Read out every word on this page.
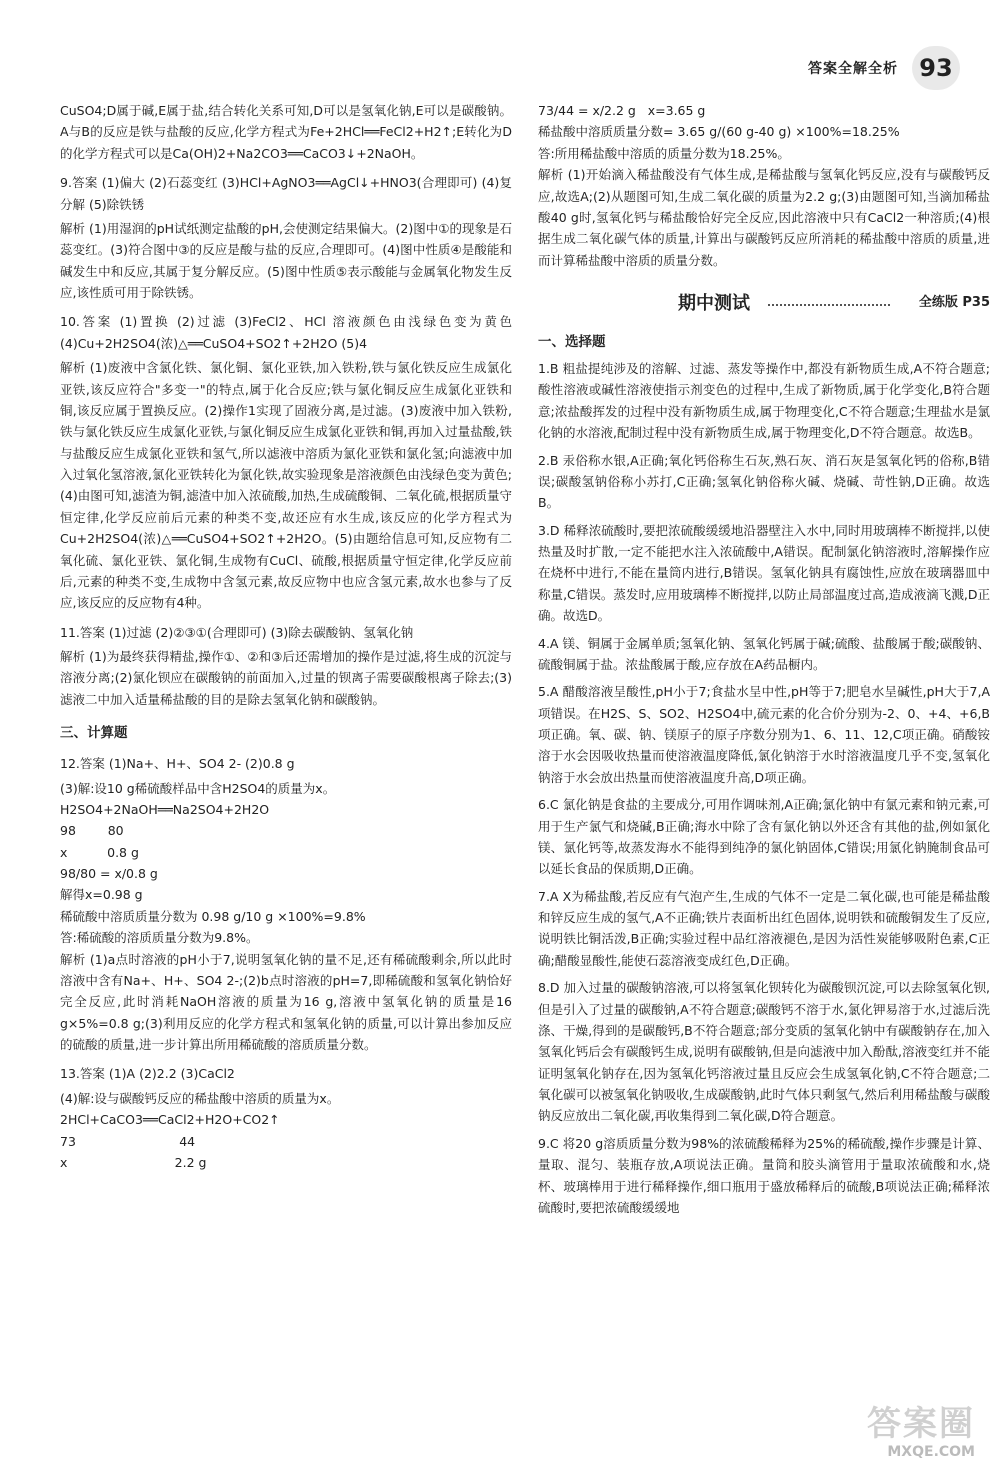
答案全解全析 93

CuSO4;D属于碱,E属于盐,结合转化关系可知,D可以是氢氧化钠,E可以是碳酸钠。A与B的反应是铁与盐酸的反应,化学方程式为Fe+2HCl══FeCl2+H2↑;E转化为D的化学方程式可以是Ca(OH)2+Na2CO3══CaCO3↓+2NaOH。

9.答案 (1)偏大 (2)石蕊变红 (3)HCl+AgNO3══AgCl↓+HNO3(合理即可) (4)复分解 (5)除铁锈

解析 (1)用湿润的pH试纸测定盐酸的pH,会使测定结果偏大。(2)图中①的现象是石蕊变红。(3)符合图中③的反应是酸与盐的反应,合理即可。(4)图中性质④是酸能和碱发生中和反应,其属于复分解反应。(5)图中性质⑤表示酸能与金属氧化物发生反应,该性质可用于除铁锈。

10.答案 (1)置换 (2)过滤 (3)FeCl2、HCl 溶液颜色由浅绿色变为黄色 (4)Cu+2H2SO4(浓)△══CuSO4+SO2↑+2H2O (5)4

解析 (1)废液中含氯化铁、氯化铜、氯化亚铁,加入铁粉,铁与氯化铁反应生成氯化亚铁,该反应符合"多变一"的特点,属于化合反应;铁与氯化铜反应生成氯化亚铁和铜,该反应属于置换反应。(2)操作1实现了固液分离,是过滤。(3)废液中加入铁粉,铁与氯化铁反应生成氯化亚铁,与氯化铜反应生成氯化亚铁和铜,再加入过量盐酸,铁与盐酸反应生成氯化亚铁和氢气,所以滤液中溶质为氯化亚铁和氯化氢;向滤液中加入过氧化氢溶液,氯化亚铁转化为氯化铁,故实验现象是溶液颜色由浅绿色变为黄色;(4)由图可知,滤渣为铜,滤渣中加入浓硫酸,加热,生成硫酸铜、二氧化硫,根据质量守恒定律,化学反应前后元素的种类不变,故还应有水生成,该反应的化学方程式为Cu+2H2SO4(浓)△══CuSO4+SO2↑+2H2O。(5)由题给信息可知,反应物有二氧化硫、氯化亚铁、氯化铜,生成物有CuCl、硫酸,根据质量守恒定律,化学反应前后,元素的种类不变,生成物中含氢元素,故反应物中也应含氢元素,故水也参与了反应,该反应的反应物有4种。

11.答案 (1)过滤 (2)②③①(合理即可) (3)除去碳酸钠、氢氧化钠

解析 (1)为最终获得精盐,操作①、②和③后还需增加的操作是过滤,将生成的沉淀与溶液分离;(2)氯化钡应在碳酸钠的前面加入,过量的钡离子需要碳酸根离子除去;(3)滤液二中加入适量稀盐酸的目的是除去氢氧化钠和碳酸钠。

三、计算题

12.答案 (1)Na+、H+、SO4 2- (2)0.8 g

(3)解:设10 g稀硫酸样品中含H2SO4的质量为x。

H2SO4+2NaOH══Na2SO4+2H2O

98        80

x          0.8 g

98/80 = x/0.8 g

解得x=0.98 g

稀硫酸中溶质质量分数为 0.98 g/10 g ×100%=9.8%

答:稀硫酸的溶质质量分数为9.8%。

解析 (1)a点时溶液的pH小于7,说明氢氧化钠的量不足,还有稀硫酸剩余,所以此时溶液中含有Na+、H+、SO4 2-;(2)b点时溶液的pH=7,即稀硫酸和氢氧化钠恰好完全反应,此时消耗NaOH溶液的质量为16 g,溶液中氢氧化钠的质量是16 g×5%=0.8 g;(3)利用反应的化学方程式和氢氧化钠的质量,可以计算出参加反应的硫酸的质量,进一步计算出所用稀硫酸的溶质质量分数。

13.答案 (1)A (2)2.2 (3)CaCl2

(4)解:设与碳酸钙反应的稀盐酸中溶质的质量为x。

2HCl+CaCO3══CaCl2+H2O+CO2↑

73                          44

x                           2.2 g

73/44 = x/2.2 g   x=3.65 g

稀盐酸中溶质质量分数= 3.65 g/(60 g-40 g) ×100%=18.25%

答:所用稀盐酸中溶质的质量分数为18.25%。

解析 (1)开始滴入稀盐酸没有气体生成,是稀盐酸与氢氧化钙反应,没有与碳酸钙反应,故选A;(2)从题图可知,生成二氧化碳的质量为2.2 g;(3)由题图可知,当滴加稀盐酸40 g时,氢氧化钙与稀盐酸恰好完全反应,因此溶液中只有CaCl2一种溶质;(4)根据生成二氧化碳气体的质量,计算出与碳酸钙反应所消耗的稀盐酸中溶质的质量,进而计算稀盐酸中溶质的质量分数。

期中测试	全练版 P35
一、选择题

1.B 粗盐提纯涉及的溶解、过滤、蒸发等操作中,都没有新物质生成,A不符合题意;酸性溶液或碱性溶液使指示剂变色的过程中,生成了新物质,属于化学变化,B符合题意;浓盐酸挥发的过程中没有新物质生成,属于物理变化,C不符合题意;生理盐水是氯化钠的水溶液,配制过程中没有新物质生成,属于物理变化,D不符合题意。故选B。

2.B 汞俗称水银,A正确;氧化钙俗称生石灰,熟石灰、消石灰是氢氧化钙的俗称,B错误;碳酸氢钠俗称小苏打,C正确;氢氧化钠俗称火碱、烧碱、苛性钠,D正确。故选B。

3.D 稀释浓硫酸时,要把浓硫酸缓缓地沿器壁注入水中,同时用玻璃棒不断搅拌,以使热量及时扩散,一定不能把水注入浓硫酸中,A错误。配制氯化钠溶液时,溶解操作应在烧杯中进行,不能在量筒内进行,B错误。氢氧化钠具有腐蚀性,应放在玻璃器皿中称量,C错误。蒸发时,应用玻璃棒不断搅拌,以防止局部温度过高,造成液滴飞溅,D正确。故选D。

4.A 镁、铜属于金属单质;氢氧化钠、氢氧化钙属于碱;硫酸、盐酸属于酸;碳酸钠、硫酸铜属于盐。浓盐酸属于酸,应存放在A药品橱内。

5.A 醋酸溶液呈酸性,pH小于7;食盐水呈中性,pH等于7;肥皂水呈碱性,pH大于7,A项错误。在H2S、S、SO2、H2SO4中,硫元素的化合价分别为-2、0、+4、+6,B项正确。氧、碳、钠、镁原子的原子序数分别为1、6、11、12,C项正确。硝酸铵溶于水会因吸收热量而使溶液温度降低,氯化钠溶于水时溶液温度几乎不变,氢氧化钠溶于水会放出热量而使溶液温度升高,D项正确。

6.C 氯化钠是食盐的主要成分,可用作调味剂,A正确;氯化钠中有氯元素和钠元素,可用于生产氯气和烧碱,B正确;海水中除了含有氯化钠以外还含有其他的盐,例如氯化镁、氯化钙等,故蒸发海水不能得到纯净的氯化钠固体,C错误;用氯化钠腌制食品可以延长食品的保质期,D正确。

7.A X为稀盐酸,若反应有气泡产生,生成的气体不一定是二氧化碳,也可能是稀盐酸和锌反应生成的氢气,A不正确;铁片表面析出红色固体,说明铁和硫酸铜发生了反应,说明铁比铜活泼,B正确;实验过程中品红溶液褪色,是因为活性炭能够吸附色素,C正确;醋酸显酸性,能使石蕊溶液变成红色,D正确。

8.D 加入过量的碳酸钠溶液,可以将氢氧化钡转化为碳酸钡沉淀,可以去除氢氧化钡,但是引入了过量的碳酸钠,A不符合题意;碳酸钙不溶于水,氯化钾易溶于水,过滤后洗涤、干燥,得到的是碳酸钙,B不符合题意;部分变质的氢氧化钠中有碳酸钠存在,加入氢氧化钙后会有碳酸钙生成,说明有碳酸钠,但是向滤液中加入酚酞,溶液变红并不能证明氢氧化钠存在,因为氢氧化钙溶液过量且反应会生成氢氧化钠,C不符合题意;二氧化碳可以被氢氧化钠吸收,生成碳酸钠,此时气体只剩氢气,然后利用稀盐酸与碳酸钠反应放出二氧化碳,再收集得到二氧化碳,D符合题意。

9.C 将20 g溶质质量分数为98%的浓硫酸稀释为25%的稀硫酸,操作步骤是计算、量取、混匀、装瓶存放,A项说法正确。量筒和胶头滴管用于量取浓硫酸和水,烧杯、玻璃棒用于进行稀释操作,细口瓶用于盛放稀释后的硫酸,B项说法正确;稀释浓硫酸时,要把浓硫酸缓缓地

答案圈
MXQE.COM
